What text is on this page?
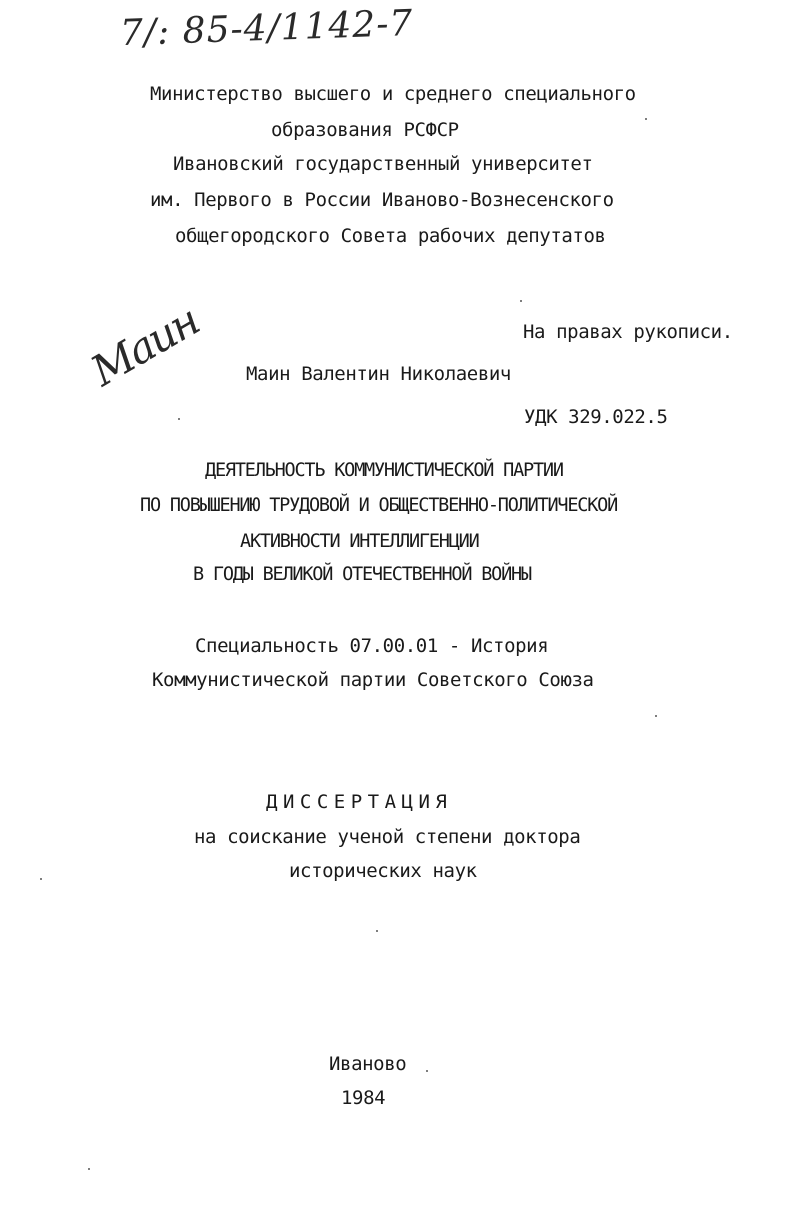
7/: 85-4/1142-7
Министерство высшего и среднего специального
образования РСФСР
Ивановский государственный университет
им. Первого в России Иваново-Вознесенского
общегородского Совета рабочих депутатов
На правах рукописи.
Маин Маин Валентин Николаевич
УДК 329.022.5
ДЕЯТЕЛЬНОСТЬ КОММУНИСТИЧЕСКОЙ ПАРТИИ
ПО ПОВЫШЕНИЮ ТРУДОВОЙ И ОБЩЕСТВЕННО-ПОЛИТИЧЕСКОЙ
АКТИВНОСТИ ИНТЕЛЛИГЕНЦИИ
В ГОДЫ ВЕЛИКОЙ ОТЕЧЕСТВЕННОЙ ВОЙНЫ
Специальность 07.00.01 - История
Коммунистической партии Советского Союза
ДИССЕРТАЦИЯ
на соискание ученой степени доктора
исторических наук
Иваново
1984
